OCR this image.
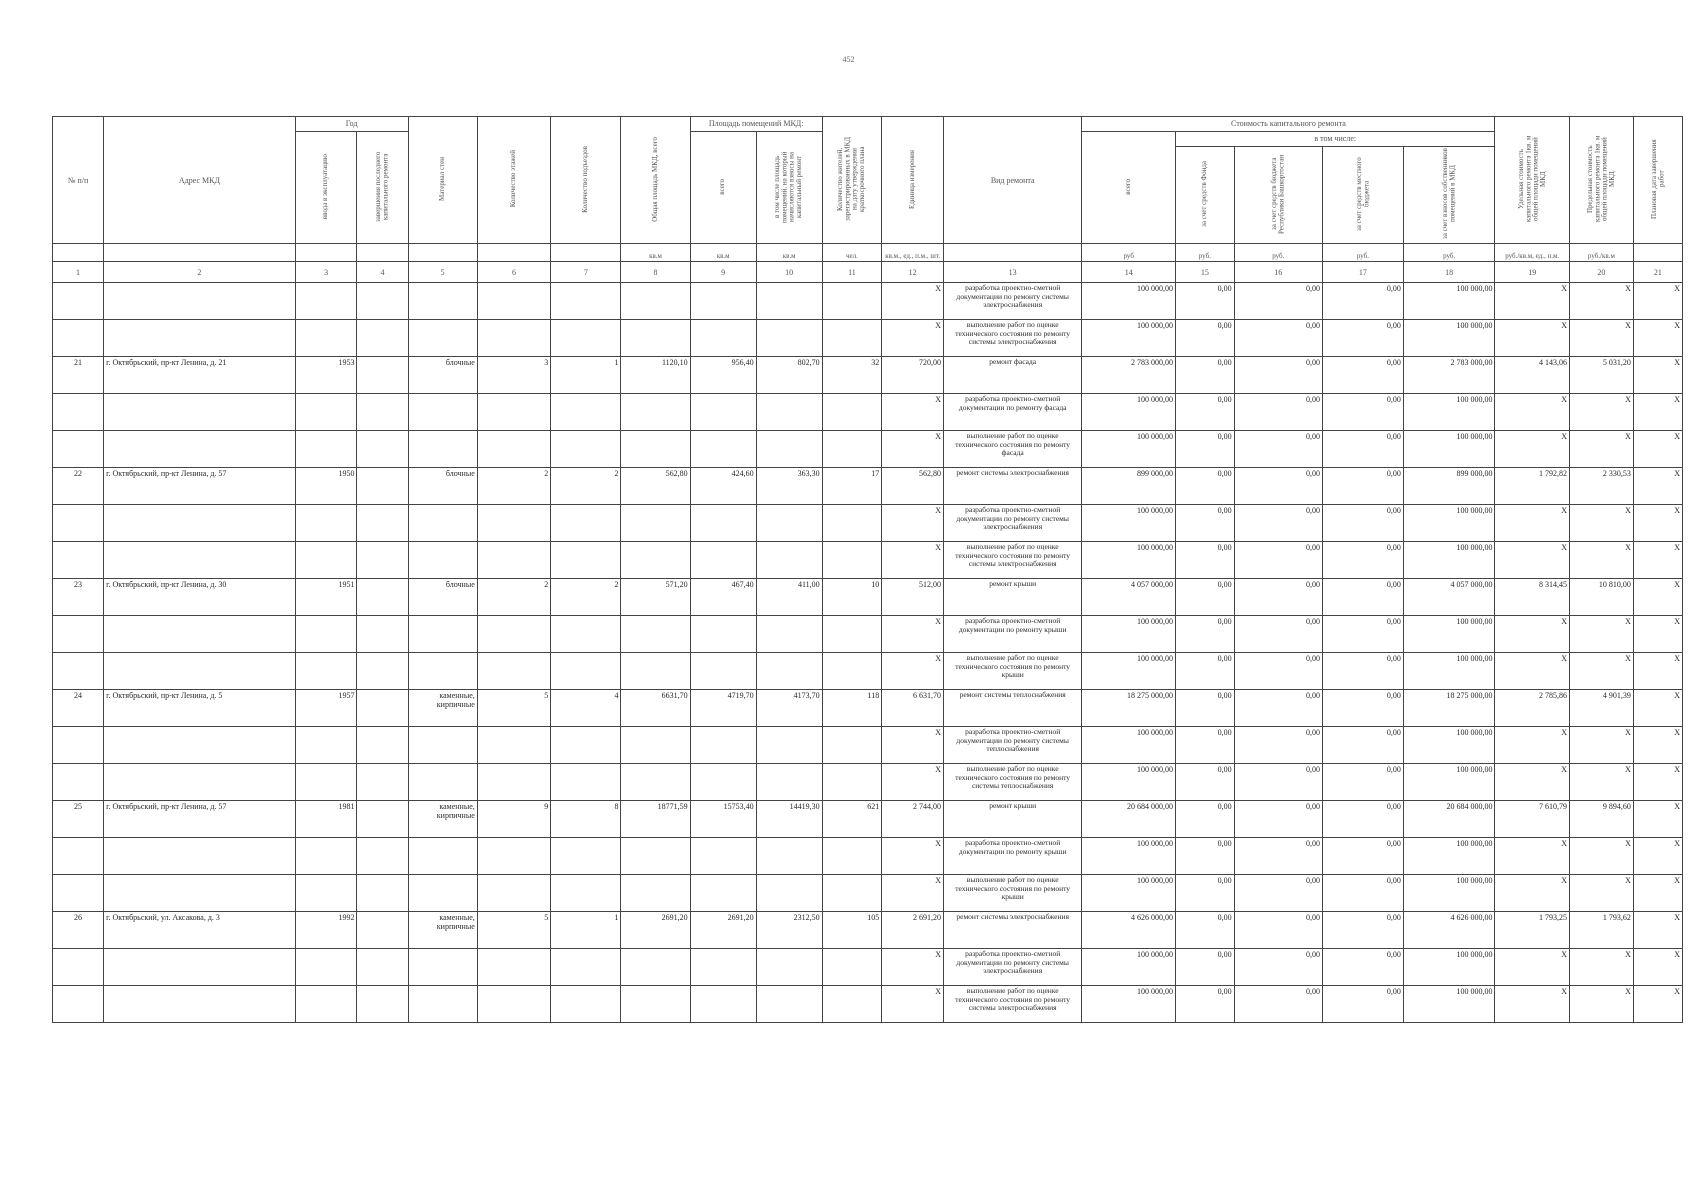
452
№ п/п	Адрес МКД	Год		Материал стен	Количество этажей	Количество подъездов	Общая площадь МКД, всего	Площадь помещений МКД:		Количество жителей, зарегистрированных в МКД на дату утверждения краткосрочного плана	Единица измерения	Вид ремонта	Стоимость капитального ремонта					Удельная стоимость капитального ремонта 1кв. м общей площади помещений МКД	Предельная стоимость капитального ремонта 1кв. м общей площади помещений МКД	Плановая дата завершения работ
		ввода в эксплуатацию	завершения последнего капитального ремонта					всего	в том числе площадь помещений, на который начисляются взносы на капитальный ремонт				всего	в том числе:						
														за счет средств Фонда	за счет средств бюджета Республики Башкортостан	за счет средств местного бюджета	за счет взносов собственников помещений в МКД			
							кв.м	кв.м	кв.м	чел.	кв.м., ед., п.м., шт.		руб	руб.	руб.	руб.	руб.	руб./кв.м, ед., п.м.	руб./кв.м	
1	2	3	4	5	6	7	8	9	10	11	12	13	14	15	16	17	18	19	20	21
											X	разработка проектно-сметной документации по ремонту системы электроснабжения	100 000,00	0,00	0,00	0,00	100 000,00	X	X	X
											X	выполнение работ по оценке технического состояния по ремонту системы электроснабжения	100 000,00	0,00	0,00	0,00	100 000,00	X	X	X
21	г. Октябрьский, пр-кт Ленина, д. 21	1953		блочные	3	1	1120,10	956,40	802,70	32	720,00	ремонт фасада	2 783 000,00	0,00	0,00	0,00	2 783 000,00	4 143,06	5 031,20	X
											X	разработка проектно-сметной документации по ремонту фасада	100 000,00	0,00	0,00	0,00	100 000,00	X	X	X
											X	выполнение работ по оценке технического состояния по ремонту фасада	100 000,00	0,00	0,00	0,00	100 000,00	X	X	X
22	г. Октябрьский, пр-кт Ленина, д. 57	1950		блочные	2	2	562,80	424,60	363,30	17	562,80	ремонт системы электроснабжения	899 000,00	0,00	0,00	0,00	899 000,00	1 792,82	2 330,53	X
											X	разработка проектно-сметной документации по ремонту системы электроснабжения	100 000,00	0,00	0,00	0,00	100 000,00	X	X	X
											X	выполнение работ по оценке технического состояния по ремонту системы электроснабжения	100 000,00	0,00	0,00	0,00	100 000,00	X	X	X
23	г. Октябрьский, пр-кт Ленина, д. 30	1951		блочные	2	2	571,20	467,40	411,00	10	512,00	ремонт крыши	4 057 000,00	0,00	0,00	0,00	4 057 000,00	8 314,45	10 810,00	X
											X	разработка проектно-сметной документации по ремонту крыши	100 000,00	0,00	0,00	0,00	100 000,00	X	X	X
											X	выполнение работ по оценке технического состояния по ремонту крыши	100 000,00	0,00	0,00	0,00	100 000,00	X	X	X
24	г. Октябрьский, пр-кт Ленина, д. 5	1957		каменные, кирпичные	5	4	6631,70	4719,70	4173,70	118	6 631,70	ремонт системы теплоснабжения	18 275 000,00	0,00	0,00	0,00	18 275 000,00	2 785,86	4 901,39	X
											X	разработка проектно-сметной документации по ремонту системы теплоснабжения	100 000,00	0,00	0,00	0,00	100 000,00	X	X	X
											X	выполнение работ по оценке технического состояния по ремонту системы теплоснабжения	100 000,00	0,00	0,00	0,00	100 000,00	X	X	X
25	г. Октябрьский, пр-кт Ленина, д. 57	1981		каменные, кирпичные	9	8	18771,59	15753,40	14419,30	621	2 744,00	ремонт крыши	20 684 000,00	0,00	0,00	0,00	20 684 000,00	7 610,79	9 894,60	X
											X	разработка проектно-сметной документации по ремонту крыши	100 000,00	0,00	0,00	0,00	100 000,00	X	X	X
											X	выполнение работ по оценке технического состояния по ремонту крыши	100 000,00	0,00	0,00	0,00	100 000,00	X	X	X
26	г. Октябрьский, ул. Аксакова, д. 3	1992		каменные, кирпичные	5	1	2691,20	2691,20	2312,50	105	2 691,20	ремонт системы электроснабжения	4 626 000,00	0,00	0,00	0,00	4 626 000,00	1 793,25	1 793,62	X
											X	разработка проектно-сметной документации по ремонту системы электроснабжения	100 000,00	0,00	0,00	0,00	100 000,00	X	X	X
											X	выполнение работ по оценке технического состояния по ремонту системы электроснабжения	100 000,00	0,00	0,00	0,00	100 000,00	X	X	X
